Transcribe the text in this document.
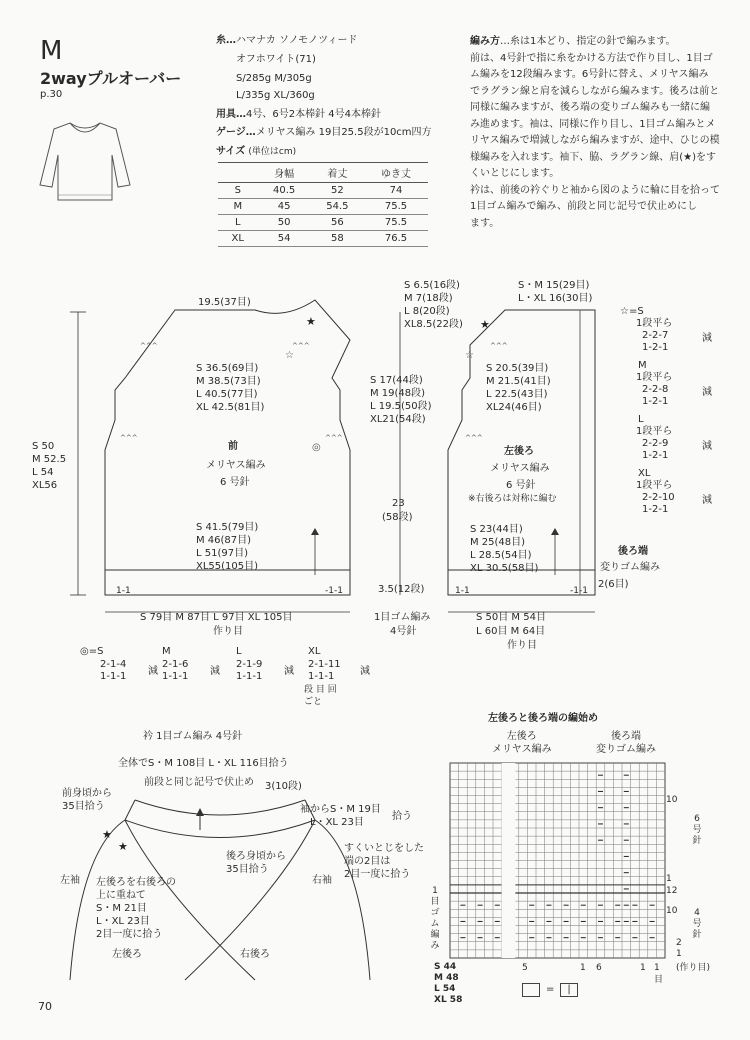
M
2wayプルオーバー
p.30
糸…ハマナカ ソノモノツィード
オフホワイト(71)
S/285g M/305g
L/335g XL/360g
用具…4号、6号2本棒針 4号4本棒針
ゲージ…メリヤス編み 19目25.5段が10cm四方
サイズ (単位はcm)
	身幅	着丈	ゆき丈
S	40.5	52	74
M	45	54.5	75.5
L	50	56	75.5
XL	54	58	76.5

編み方…糸は1本どり、指定の針で編みます。

前は、4号針で指に糸をかける方法で作り目し、1目ゴ
ム編みを12段編みます。6号針に替え、メリヤス編み
でラグラン線と肩を減らしながら編みます。後ろは前と
同様に編みますが、後ろ端の変りゴム編みも一緒に編
み進めます。袖は、同様に作り目し、1目ゴム編みとメ
リヤス編みで増減しながら編みますが、途中、ひじの模
様編みを入れます。袖下、脇、ラグラン線、肩(★)をす
くいとじにします。
衿は、前後の衿ぐりと袖から図のように輪に目を拾って
1目ゴム編みで編み、前段と同じ記号で伏止めにし
ます。
★	★
☆	☆
◎
^^^	^^^
^^^	^^^
^^^
^^^
19.5(37目)
S 36.5(69目)
M 38.5(73目)
L 40.5(77目)
XL 42.5(81目)
S 50
M 52.5
L 54
XL56
前
メリヤス編み
6 号針
S 41.5(79目)
M 46(87目)
L 51(97目)
XL55(105目)
1-1	-1-1
S 79目 M 87目 L 97目 XL 105目
作り目
S 6.5(16段)
M 7(18段)
L 8(20段)
XL8.5(22段)
S 17(44段)
M 19(48段)
L 19.5(50段)
XL21(54段)
23
(58段)
3.5(12段)
1目ゴム編み
4号針
S・M 15(29目)
L・XL 16(30目)
S 20.5(39目)
M 21.5(41目)
L 22.5(43目)
XL24(46目)
左後ろ
メリヤス編み
6 号針
※右後ろは対称に編む
S 23(44目)
M 25(48目)
L 28.5(54目)
XL 30.5(58目)
1-1	-1-1
後ろ端
変りゴム編み
2(6目)
S 50目 M 54目
L 60目 M 64目
作り目
☆=S
1段平ら
2-2-7
1-2-1
減
M
1段平ら
2-2-8
1-2-1
減
L
1段平ら
2-2-9
1-2-1
減
XL
1段平ら
2-2-10
1-2-1
減
◎=S
2-1-4
1-1-1 減
M
2-1-6
1-1-1 減
L
2-1-9
1-1-1 減
XL
2-1-11
1-1-1	減
段 目 回
ごと
衿 1目ゴム編み 4号針
全体でS・M 108目 L・XL 116目拾う
前段と同じ記号で伏止め 3(10段)
前身頃から
35目拾う
★
★
袖からS・M 19目
L・XL 23目
拾う
後ろ身頃から
35目拾う
すくいとじをした
端の2目は
2目一度に拾う
左袖	右袖
左後ろを右後ろの
上に重ねて
S・M 21目
L・XL 23目
2目一度に拾う
左後ろ	右後ろ
左後ろと後ろ端の編始め
左後ろ
メリヤス編み
後ろ端
変りゴム編み
10
1
12
10
6
号
針
4
号
針
1
目
ゴ
ム
編
み	2
1
(作り目)
S 44
M 48
L 54
XL 58
5	1 6	1 1
目
=	|
70
